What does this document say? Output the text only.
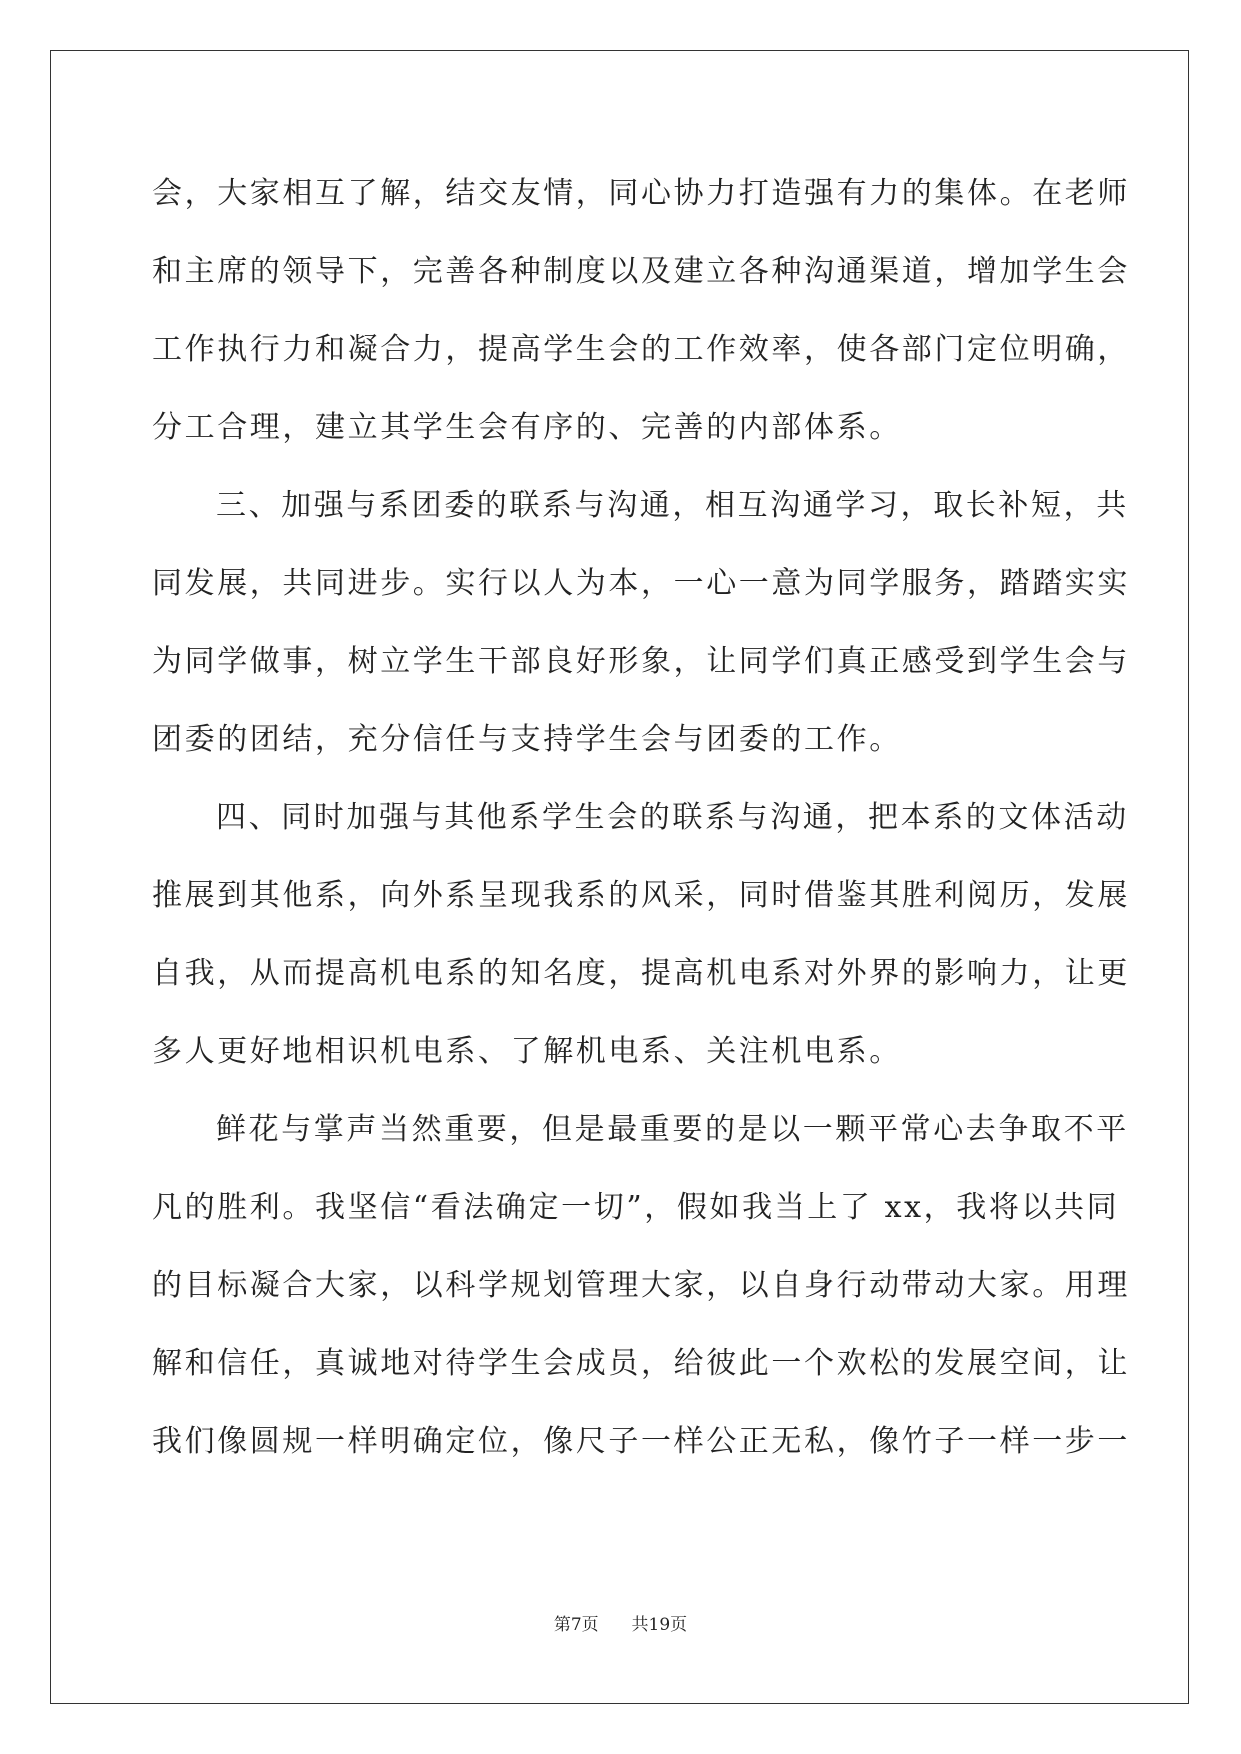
会，大家相互了解，结交友情，同心协力打造强有力的集体。在老师
和主席的领导下，完善各种制度以及建立各种沟通渠道，增加学生会
工作执行力和凝合力，提高学生会的工作效率，使各部门定位明确，
分工合理，建立其学生会有序的、完善的内部体系。
三、加强与系团委的联系与沟通，相互沟通学习，取长补短，共
同发展，共同进步。实行以人为本，一心一意为同学服务，踏踏实实
为同学做事，树立学生干部良好形象，让同学们真正感受到学生会与
团委的团结，充分信任与支持学生会与团委的工作。
四、同时加强与其他系学生会的联系与沟通，把本系的文体活动
推展到其他系，向外系呈现我系的风采，同时借鉴其胜利阅历，发展
自我，从而提高机电系的知名度，提高机电系对外界的影响力，让更
多人更好地相识机电系、了解机电系、关注机电系。
鲜花与掌声当然重要，但是最重要的是以一颗平常心去争取不平
凡的胜利。我坚信“看法确定一切”，假如我当上了 xx，我将以共同
的目标凝合大家，以科学规划管理大家，以自身行动带动大家。用理
解和信任，真诚地对待学生会成员，给彼此一个欢松的发展空间，让
我们像圆规一样明确定位，像尺子一样公正无私，像竹子一样一步一
第7页 共19页
